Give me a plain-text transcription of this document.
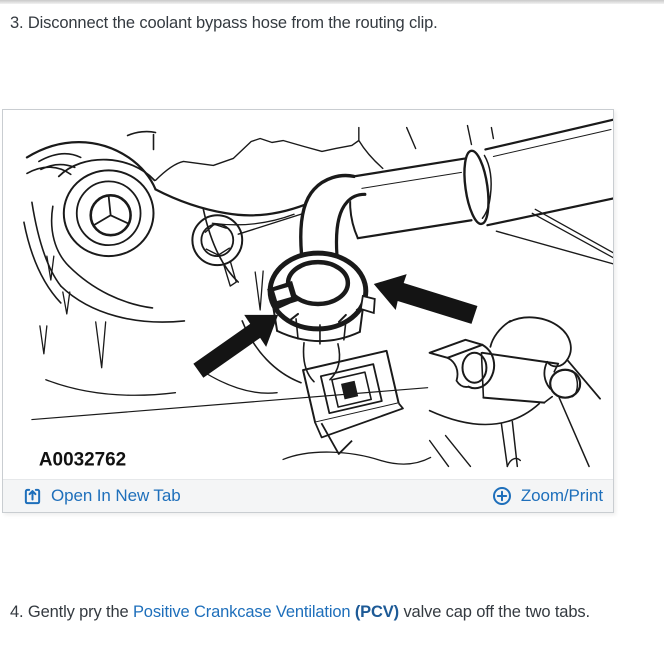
3. Disconnect the coolant bypass hose from the routing clip.

A0032762
Open In New Tab	Zoom/Print

4. Gently pry the Positive Crankcase Ventilation (PCV) valve cap off the two tabs.
